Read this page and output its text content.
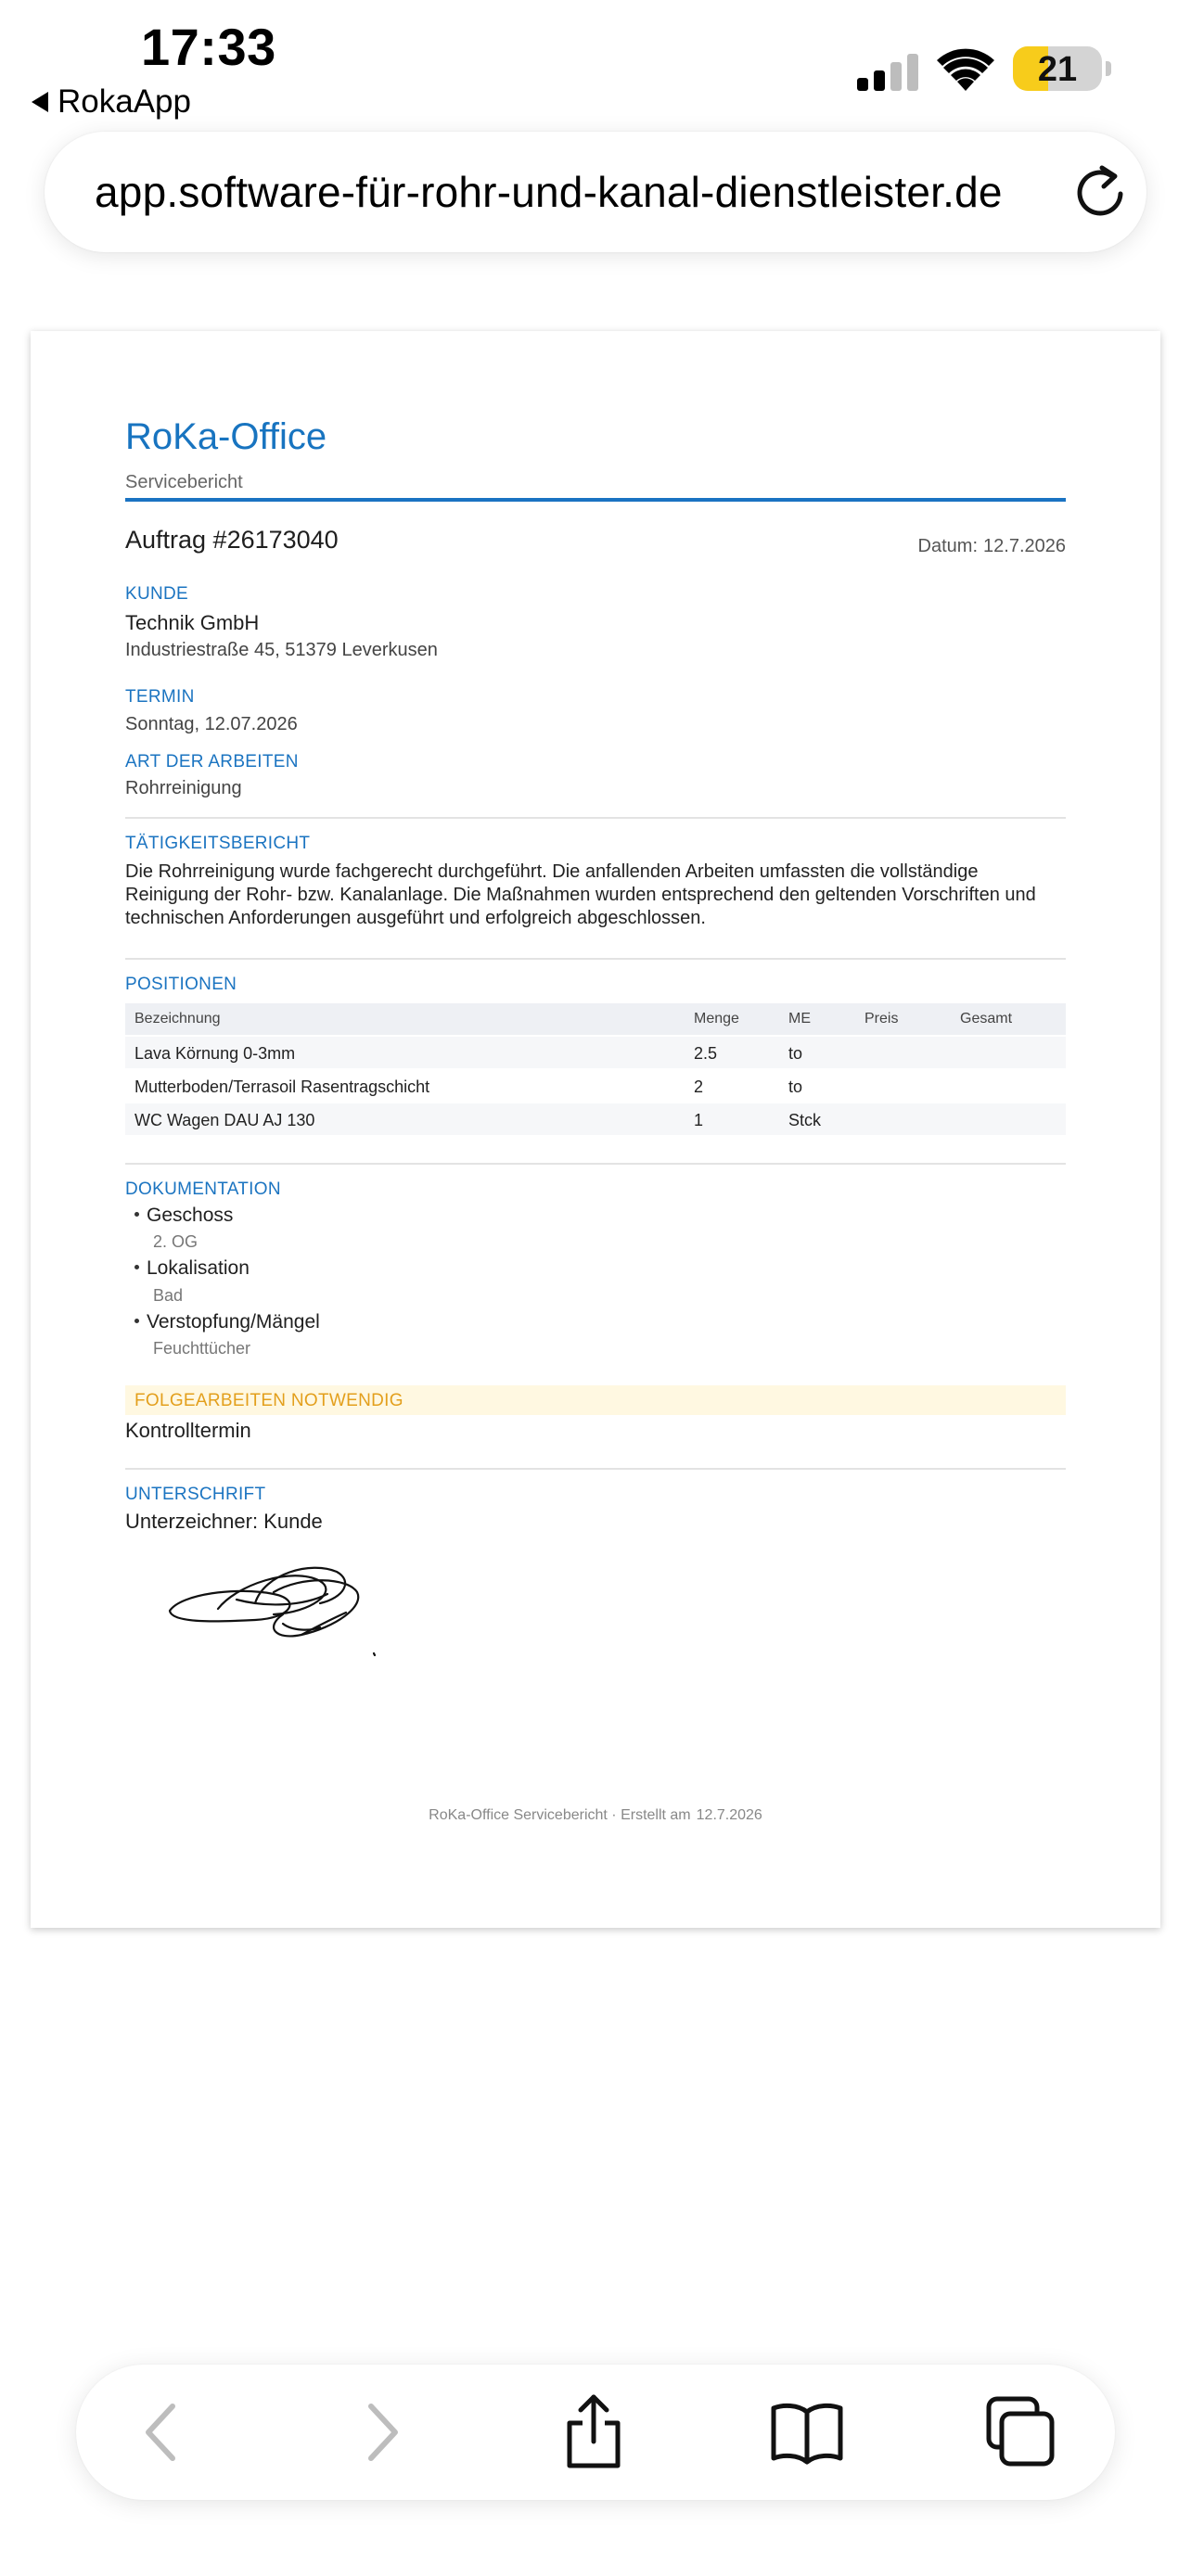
17:33
RokaApp
21
app.software-für-rohr-und-kanal-dienstleister.de
RoKa-Office
Servicebericht
Auftrag #26173040	Datum: 12.7.2026
KUNDE
Technik GmbH
Industriestraße 45, 51379 Leverkusen
TERMIN
Sonntag, 12.07.2026
ART DER ARBEITEN
Rohrreinigung
TÄTIGKEITSBERICHT
Die Rohrreinigung wurde fachgerecht durchgeführt. Die anfallenden Arbeiten umfassten die vollständige Reinigung der Rohr- bzw. Kanalanlage. Die Maßnahmen wurden entsprechend den geltenden Vorschriften und technischen Anforderungen ausgeführt und erfolgreich abgeschlossen.
POSITIONEN
Bezeichnung	Menge	ME	Preis	Gesamt
Lava Körnung 0-3mm	2.5	to
Mutterboden/Terrasoil Rasentragschicht	2	to
WC Wagen DAU AJ 130	1	Stck
DOKUMENTATION
Geschoss
2. OG
Lokalisation
Bad
Verstopfung/Mängel
Feuchttücher
FOLGEARBEITEN NOTWENDIG
Kontrolltermin
UNTERSCHRIFT
Unterzeichner: Kunde
RoKa-Office Servicebericht · Erstellt am 12.7.2026
